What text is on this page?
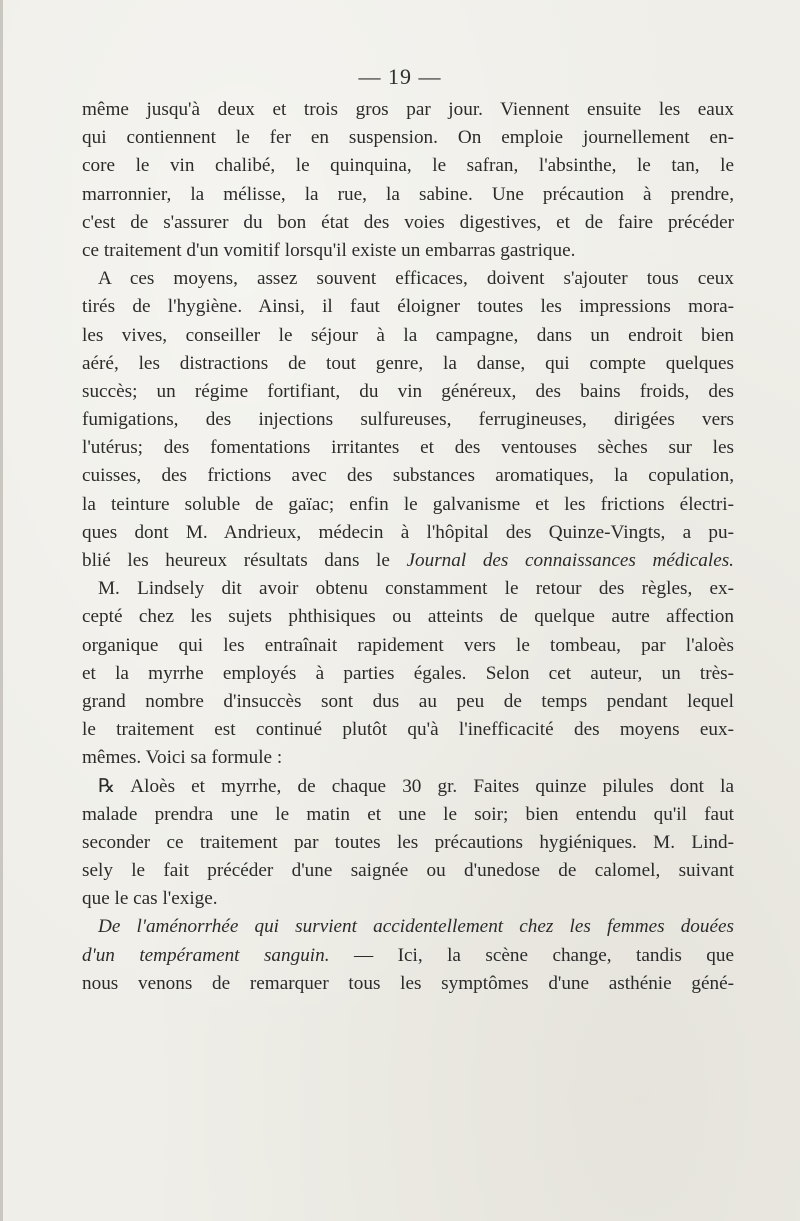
— 19 —
même jusqu'à deux et trois gros par jour. Viennent ensuite les eaux
qui contiennent le fer en suspension. On emploie journellement en-
core le vin chalibé, le quinquina, le safran, l'absinthe, le tan, le
marronnier, la mélisse, la rue, la sabine. Une précaution à prendre,
c'est de s'assurer du bon état des voies digestives, et de faire précéder
ce traitement d'un vomitif lorsqu'il existe un embarras gastrique.
A ces moyens, assez souvent efficaces, doivent s'ajouter tous ceux
tirés de l'hygiène. Ainsi, il faut éloigner toutes les impressions mora-
les vives, conseiller le séjour à la campagne, dans un endroit bien
aéré, les distractions de tout genre, la danse, qui compte quelques
succès; un régime fortifiant, du vin généreux, des bains froids, des
fumigations, des injections sulfureuses, ferrugineuses, dirigées vers
l'utérus; des fomentations irritantes et des ventouses sèches sur les
cuisses, des frictions avec des substances aromatiques, la copulation,
la teinture soluble de gaïac; enfin le galvanisme et les frictions électri-
ques dont M. Andrieux, médecin à l'hôpital des Quinze-Vingts, a pu-
blié les heureux résultats dans le Journal des connaissances médicales.
M. Lindsely dit avoir obtenu constamment le retour des règles, ex-
cepté chez les sujets phthisiques ou atteints de quelque autre affection
organique qui les entraînait rapidement vers le tombeau, par l'aloès
et la myrrhe employés à parties égales. Selon cet auteur, un très-
grand nombre d'insuccès sont dus au peu de temps pendant lequel
le traitement est continué plutôt qu'à l'inefficacité des moyens eux-
mêmes. Voici sa formule :
℞ Aloès et myrrhe, de chaque 30 gr. Faites quinze pilules dont la
malade prendra une le matin et une le soir; bien entendu qu'il faut
seconder ce traitement par toutes les précautions hygiéniques. M. Lind-
sely le fait précéder d'une saignée ou d'unedose de calomel, suivant
que le cas l'exige.
De l'aménorrhée qui survient accidentellement chez les femmes douées
d'un tempérament sanguin. — Ici, la scène change, tandis que
nous venons de remarquer tous les symptômes d'une asthénie géné-
